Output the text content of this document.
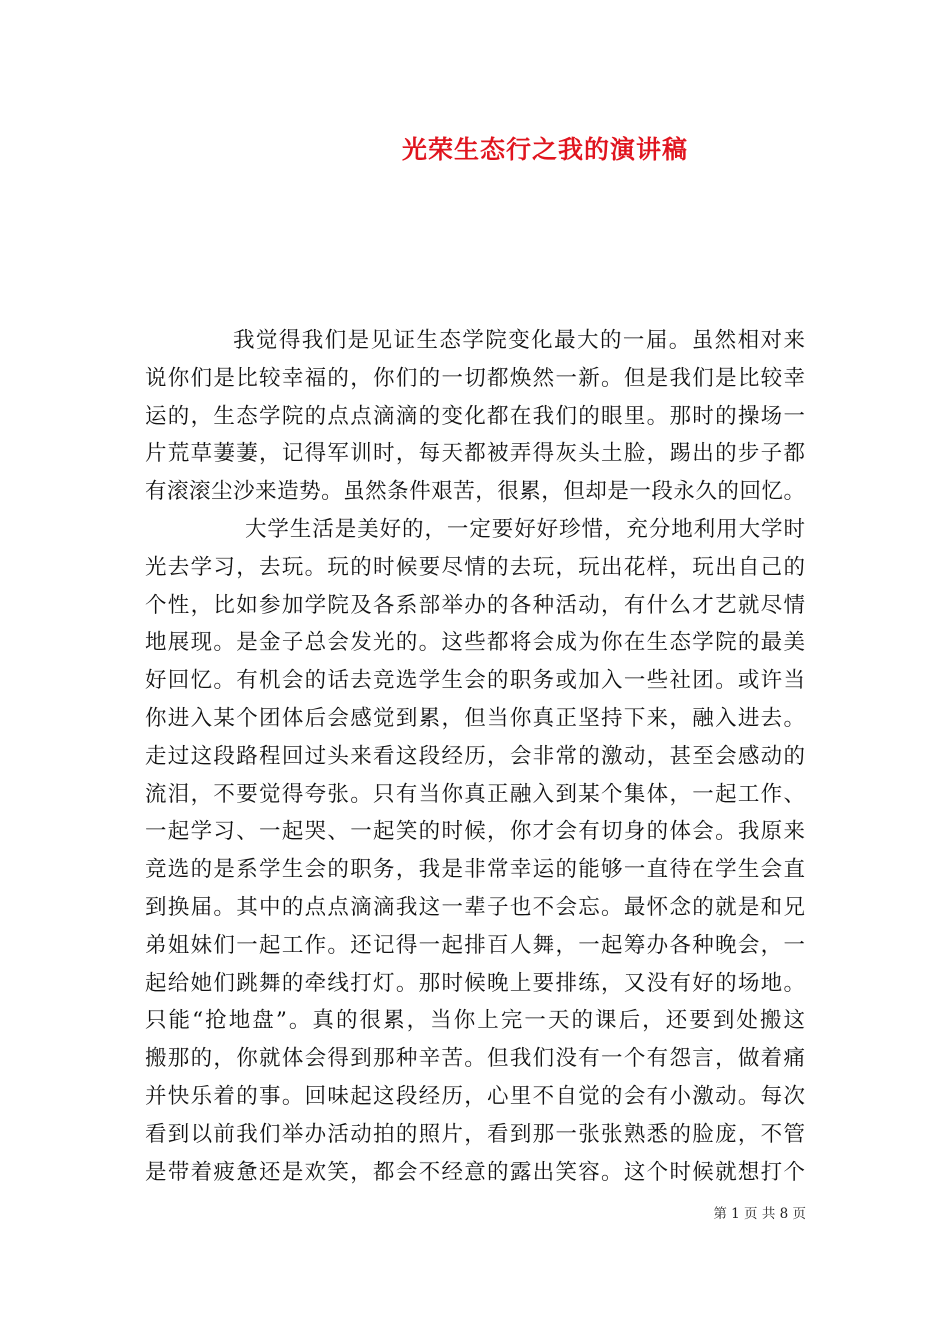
光荣生态行之我的演讲稿
我觉得我们是见证生态学院变化最大的一届。虽然相对来
说你们是比较幸福的，你们的一切都焕然一新。但是我们是比较幸
运的，生态学院的点点滴滴的变化都在我们的眼里。那时的操场一
片荒草萋萋，记得军训时，每天都被弄得灰头土脸，踢出的步子都
有滚滚尘沙来造势。虽然条件艰苦，很累，但却是一段永久的回忆。
大学生活是美好的，一定要好好珍惜，充分地利用大学时
光去学习，去玩。玩的时候要尽情的去玩，玩出花样，玩出自己的
个性，比如参加学院及各系部举办的各种活动，有什么才艺就尽情
地展现。是金子总会发光的。这些都将会成为你在生态学院的最美
好回忆。有机会的话去竞选学生会的职务或加入一些社团。或许当
你进入某个团体后会感觉到累，但当你真正坚持下来，融入进去。
走过这段路程回过头来看这段经历，会非常的激动，甚至会感动的
流泪，不要觉得夸张。只有当你真正融入到某个集体，一起工作、
一起学习、一起哭、一起笑的时候，你才会有切身的体会。我原来
竞选的是系学生会的职务，我是非常幸运的能够一直待在学生会直
到换届。其中的点点滴滴我这一辈子也不会忘。最怀念的就是和兄
弟姐妹们一起工作。还记得一起排百人舞，一起筹办各种晚会，一
起给她们跳舞的牵线打灯。那时候晚上要排练，又没有好的场地。
只能“抢地盘”。真的很累，当你上完一天的课后，还要到处搬这
搬那的，你就体会得到那种辛苦。但我们没有一个有怨言，做着痛
并快乐着的事。回味起这段经历，心里不自觉的会有小激动。每次
看到以前我们举办活动拍的照片，看到那一张张熟悉的脸庞，不管
是带着疲惫还是欢笑，都会不经意的露出笑容。这个时候就想打个
第 1 页 共 8 页
